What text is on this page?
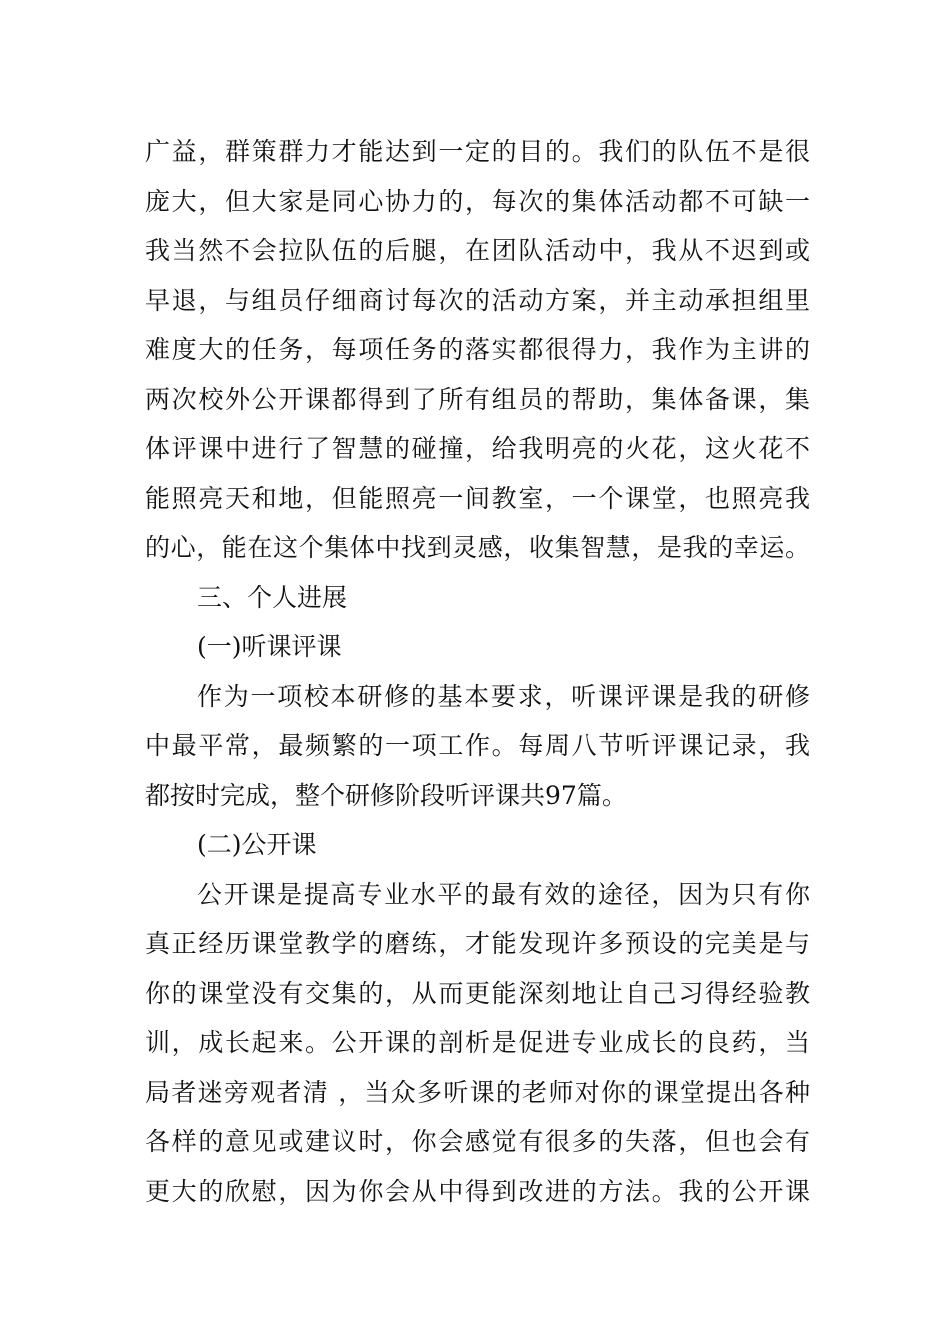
广益，群策群力才能达到一定的目的。我们的队伍不是很
庞大，但大家是同心协力的，每次的集体活动都不可缺一
我当然不会拉队伍的后腿，在团队活动中，我从不迟到或
早退，与组员仔细商讨每次的活动方案，并主动承担组里
难度大的任务，每项任务的落实都很得力，我作为主讲的
两次校外公开课都得到了所有组员的帮助，集体备课，集
体评课中进行了智慧的碰撞，给我明亮的火花，这火花不
能照亮天和地，但能照亮一间教室，一个课堂，也照亮我
的心，能在这个集体中找到灵感，收集智慧，是我的幸运。
三、个人进展
(一)听课评课
作为一项校本研修的基本要求，听课评课是我的研修
中最平常，最频繁的一项工作。每周八节听评课记录，我
都按时完成，整个研修阶段听评课共97篇。
(二)公开课
公开课是提高专业水平的最有效的途径，因为只有你
真正经历课堂教学的磨练，才能发现许多预设的完美是与
你的课堂没有交集的，从而更能深刻地让自己习得经验教
训，成长起来。公开课的剖析是促进专业成长的良药，当
局者迷旁观者清 ，当众多听课的老师对你的课堂提出各种
各样的意见或建议时，你会感觉有很多的失落，但也会有
更大的欣慰，因为你会从中得到改进的方法。我的公开课
